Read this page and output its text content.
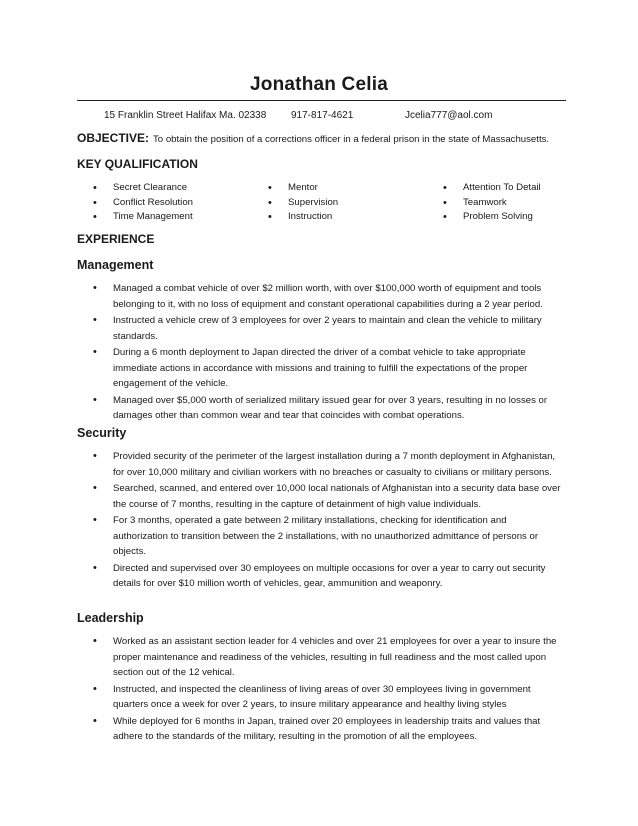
Jonathan Celia
15 Franklin Street Halifax Ma. 02338 917-817-4621	Jcelia777@aol.com
OBJECTIVE: To obtain the position of a corrections officer in a federal prison in the state of Massachusetts.
KEY QUALIFICATION
• Secret Clearance
• Conflict Resolution
• Time Management
• Mentor
• Supervision
• Instruction
• Attention To Detail
• Teamwork
• Problem Solving
EXPERIENCE
Management
• Managed a combat vehicle of over $2 million worth, with over $100,000 worth of equipment and tools belonging to it, with no loss of equipment and constant operational capabilities during a 2 year period.
• Instructed a vehicle crew of 3 employees for over 2 years to maintain and clean the vehicle to military standards.
• During a 6 month deployment to Japan directed the driver of a combat vehicle to take appropriate immediate actions in accordance with missions and training to fulfill the expectations of the proper engagement of the vehicle.
• Managed over $5,000 worth of serialized military issued gear for over 3 years, resulting in no losses or damages other than common wear and tear that coincides with combat operations.
Security
• Provided security of the perimeter of the largest installation during a 7 month deployment in Afghanistan, for over 10,000 military and civilian workers with no breaches or casualty to civilians or military persons.
• Searched, scanned, and entered over 10,000 local nationals of Afghanistan into a security data base over the course of 7 months, resulting in the capture of detainment of high value individuals.
• For 3 months, operated a gate between 2 military installations, checking for identification and authorization to transition between the 2 installations, with no unauthorized admittance of persons or objects.
• Directed and supervised over 30 employees on multiple occasions for over a year to carry out security details for over $10 million worth of vehicles, gear, ammunition and weaponry.
Leadership
• Worked as an assistant section leader for 4 vehicles and over 21 employees for over a year to insure the proper maintenance and readiness of the vehicles, resulting in full readiness and the most called upon section out of the 12 vehical.
• Instructed, and inspected the cleanliness of living areas of over 30 employees living in government quarters once a week for over 2 years, to insure military appearance and healthy living styles
• While deployed for 6 months in Japan, trained over 20 employees in leadership traits and values that adhere to the standards of the military, resulting in the promotion of all the employees.
